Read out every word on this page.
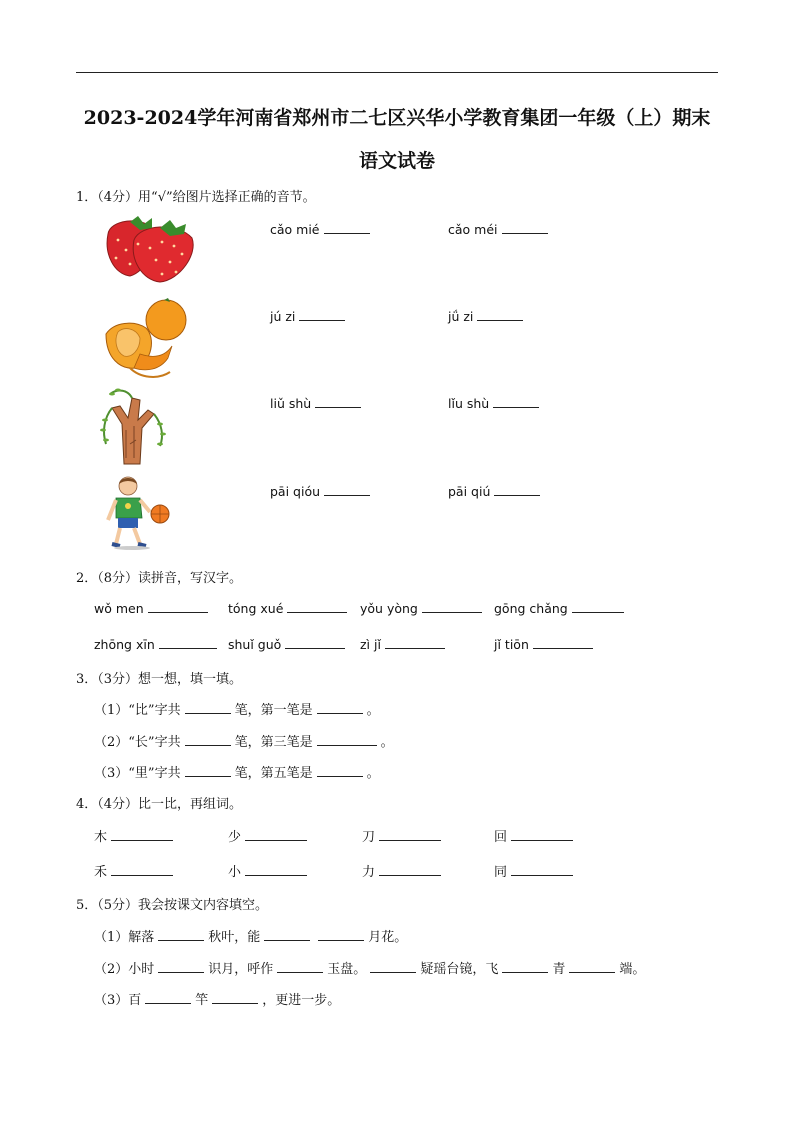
2023-2024学年河南省郑州市二七区兴华小学教育集团一年级（上）期末
语文试卷
1．（4分）用“√”给图片选择正确的音节。
cǎo mié	cǎo méi
jú zi	jǘ zi
liǔ shù	lǐu shù
pāi qióu	pāi qiú
2．（8分）读拼音，写汉字。
wǒ men	tóng xué	yǒu yòng	gōng chǎng
zhōng xīn	shuǐ guǒ	zì jǐ	jǐ tiōn
3．（3分）想一想，填一填。
（1）“比”字共	笔，第一笔是	。
（2）“长”字共	笔，第三笔是	。
（3）“里”字共	笔，第五笔是	。
4．（4分）比一比，再组词。
木	少	刀	回
禾	小	力	同
5．（5分）我会按课文内容填空。
（1）解落	秋叶，能	月花。
（2）小时	识月，呼作	玉盘。	疑瑶台镜，飞	青	端。
（3）百	竿	，更进一步。
